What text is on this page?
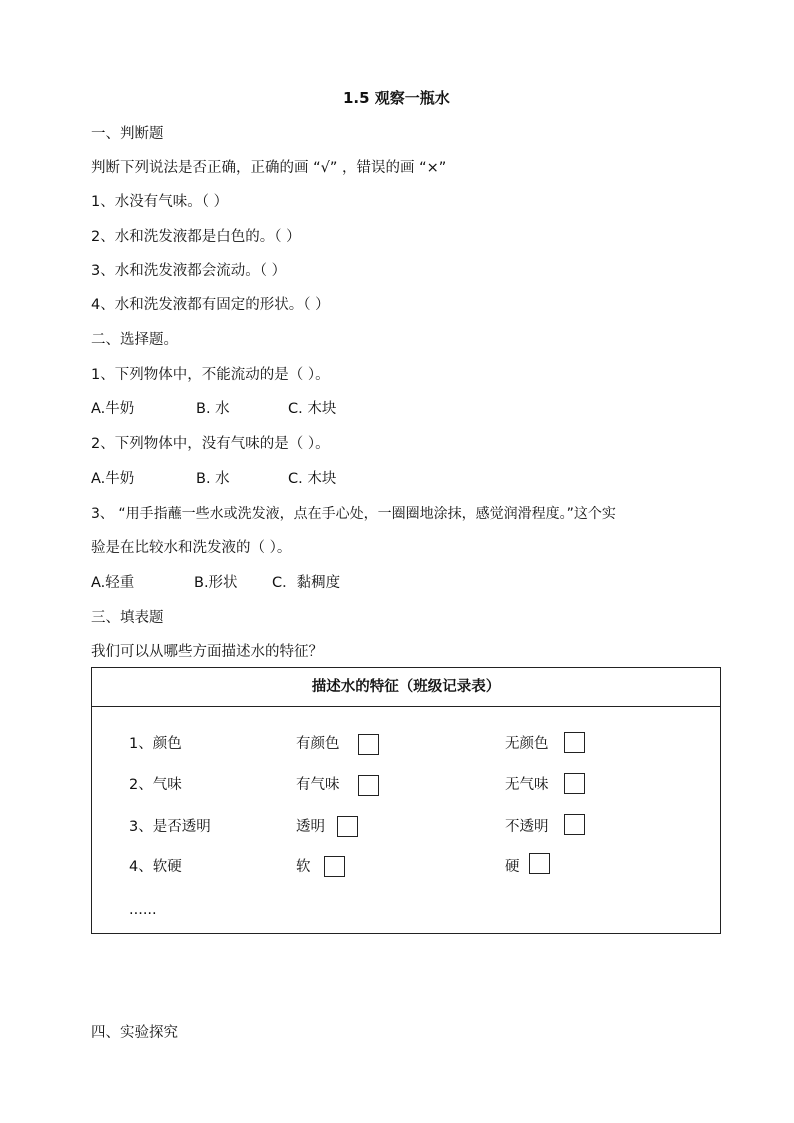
1.5 观察一瓶水
一、判断题
判断下列说法是否正确，正确的画 “√” ，错误的画 “×”
1、水没有气味。（ ）
2、水和洗发液都是白色的。（ ）
3、水和洗发液都会流动。（ ）
4、水和洗发液都有固定的形状。（ ）
二、选择题。
1、下列物体中，不能流动的是（ ）。
A.牛奶	B. 水	C. 木块
2、下列物体中，没有气味的是（ ）。
A.牛奶	B. 水	C. 木块
3、 “用手指蘸一些水或洗发液，点在手心处，一圈圈地涂抹，感觉润滑程度。”这个实
验是在比较水和洗发液的（ ）。
A.轻重	B.形状 C．黏稠度
三、填表题
我们可以从哪些方面描述水的特征？
描述水的特征（班级记录表）
1、颜色	有颜色	无颜色
2、气味	有气味	无气味
3、是否透明	透明	不透明
4、软硬	软	硬
......
四、实验探究
